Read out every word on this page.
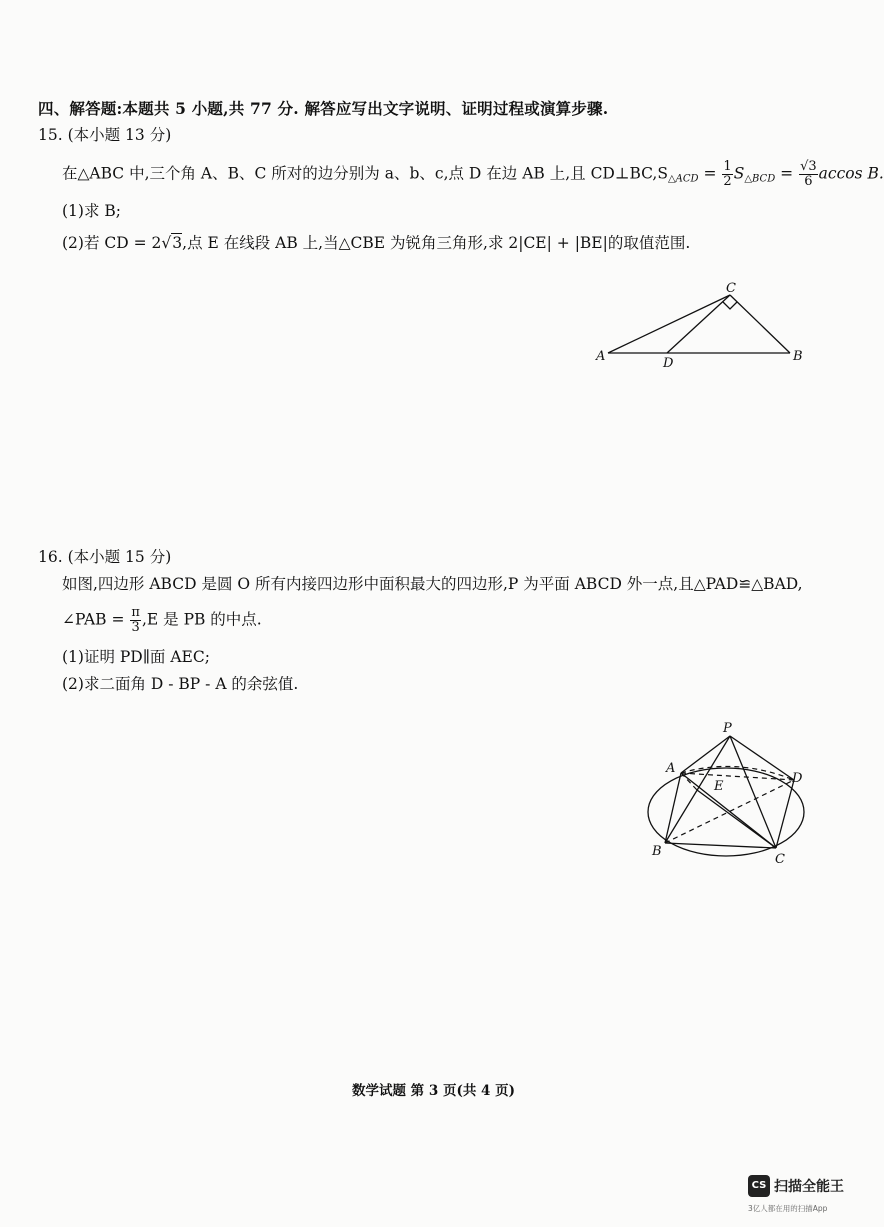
四、解答题:本题共 5 小题,共 77 分. 解答应写出文字说明、证明过程或演算步骤.
15. (本小题 13 分)
在△ABC 中,三个角 A、B、C 所对的边分别为 a、b、c,点 D 在边 AB 上,且 $CD\perp BC,S_{\triangle ACD} = \frac{1}{2} S_{\triangle BCD} = \frac{√3}{6}$ accos B.
(1)求 B;
(2)若 CD = 2√3,点 E 在线段 AB 上,当△CBE 为锐角三角形,求 2|CE| + |BE|的取值范围.
A	D	B
C
16. (本小题 15 分)
如图,四边形 ABCD 是圆 O 所有内接四边形中面积最大的四边形,P 为平面 ABCD 外一点,且△PAD≌△BAD,
∠PAB = $\frac{\pi}{3} ,E$ 是 PB 的中点.
(1)证明 PD∥面 AEC;
(2)求二面角 D - BP - A 的余弦值.
P
A
D
E
B
C
数学试题 第 3 页(共 4 页)
CS 扫描全能王
3亿人都在用的扫描App
